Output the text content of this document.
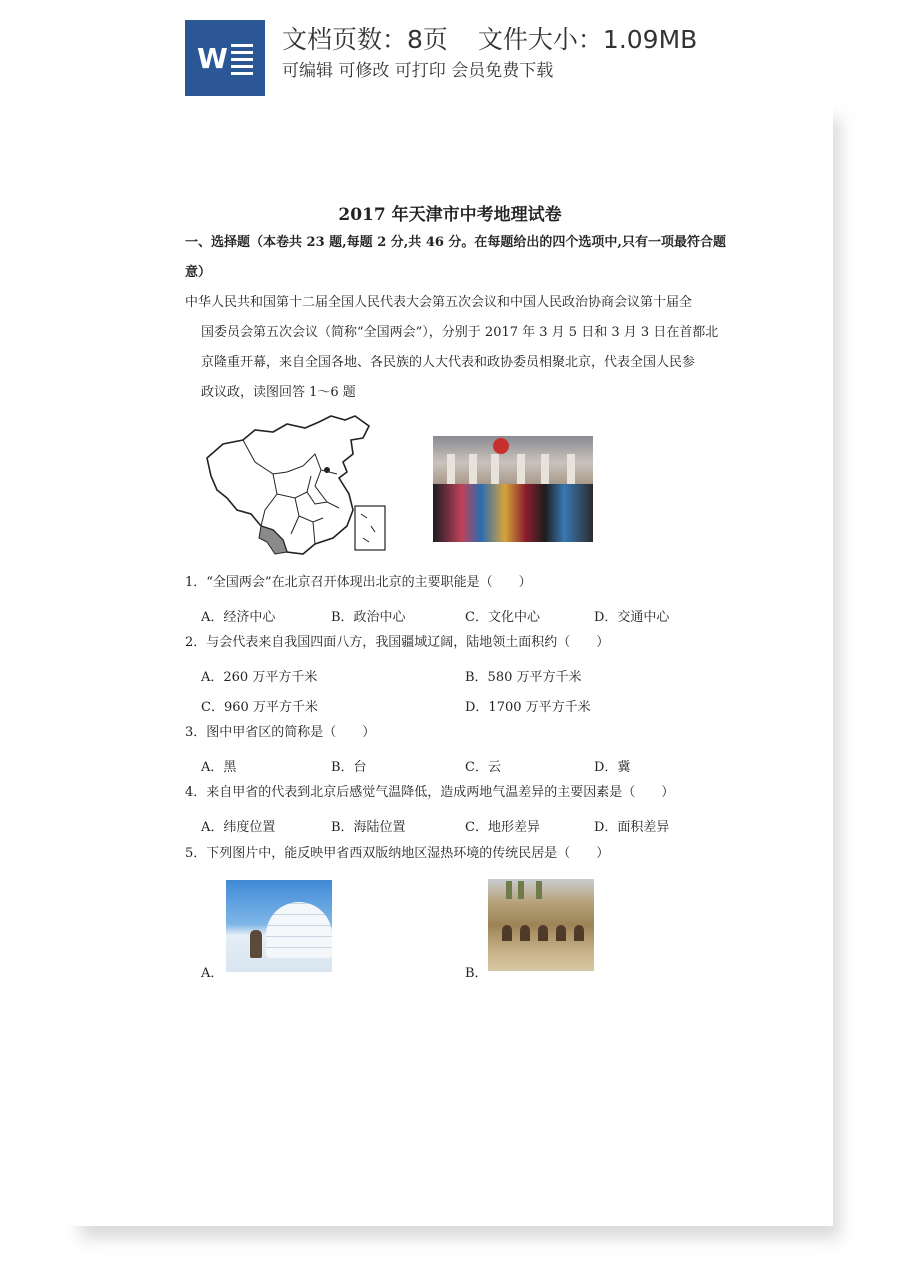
W
文档页数：8页 文件大小：1.09MB
可编辑 可修改 可打印 会员免费下载
2017 年天津市中考地理试卷
一、选择题（本卷共 23 题,每题 2 分,共 46 分。在每题给出的四个选项中,只有一项最符合题
意）
中华人民共和国第十二届全国人民代表大会第五次会议和中国人民政治协商会议第十届全
国委员会第五次会议（简称“全国两会”），分别于 2017 年 3 月 5 日和 3 月 3 日在首都北
京隆重开幕，来自全国各地、各民族的人大代表和政协委员相聚北京，代表全国人民参
政议政，读图回答 1～6 题
1．“全国两会”在北京召开体现出北京的主要职能是（　　）
A．经济中心	B．政治中心	C．文化中心	D．交通中心
2．与会代表来自我国四面八方，我国疆域辽阔，陆地领土面积约（　　）
A．260 万平方千米	B．580 万平方千米
C．960 万平方千米	D．1700 万平方千米
3．图中甲省区的简称是（　　）
A．黑	B．台	C．云	D．冀
4．来自甲省的代表到北京后感觉气温降低，造成两地气温差异的主要因素是（　　）
A．纬度位置	B．海陆位置	C．地形差异	D．面积差异
5．下列图片中，能反映甲省西双版纳地区湿热环境的传统民居是（　　）
A．	B．
